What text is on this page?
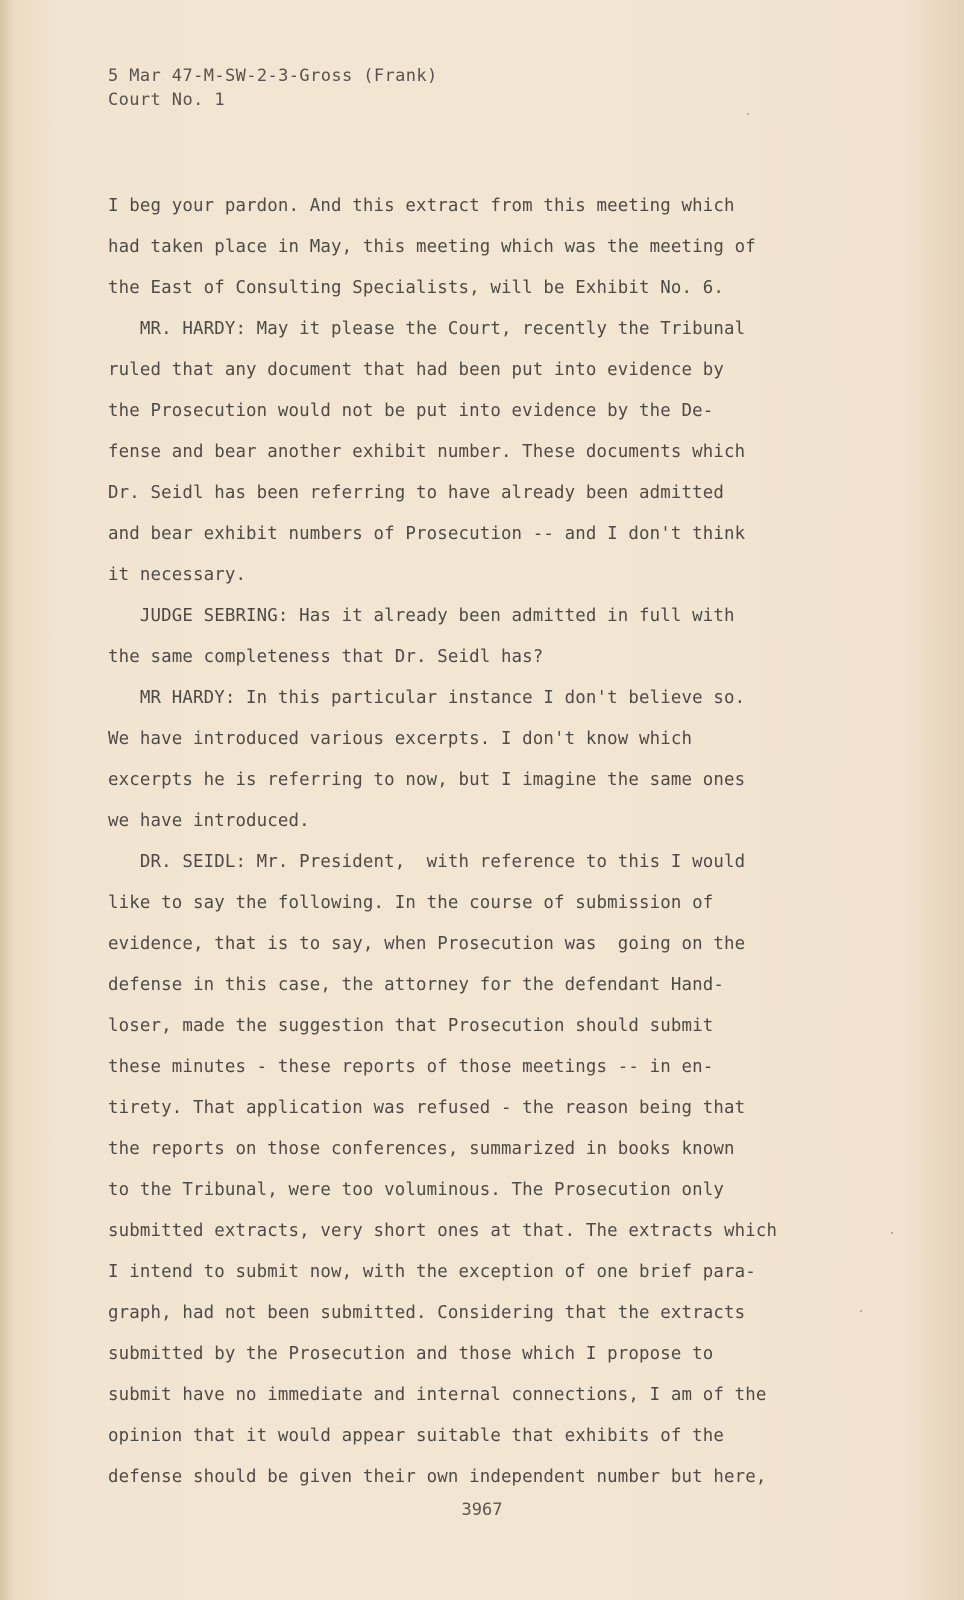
5 Mar 47-M-SW-2-3-Gross (Frank)
Court No. 1
I beg your pardon. And this extract from this meeting which
had taken place in May, this meeting which was the meeting of
the East of Consulting Specialists, will be Exhibit No. 6.
MR. HARDY: May it please the Court, recently the Tribunal
ruled that any document that had been put into evidence by
the Prosecution would not be put into evidence by the De-
fense and bear another exhibit number. These documents which
Dr. Seidl has been referring to have already been admitted
and bear exhibit numbers of Prosecution -- and I don't think
it necessary.
JUDGE SEBRING: Has it already been admitted in full with
the same completeness that Dr. Seidl has?
MR HARDY: In this particular instance I don't believe so.
We have introduced various excerpts. I don't know which
excerpts he is referring to now, but I imagine the same ones
we have introduced.
DR. SEIDL: Mr. President,  with reference to this I would
like to say the following. In the course of submission of
evidence, that is to say, when Prosecution was  going on the
defense in this case, the attorney for the defendant Hand-
loser, made the suggestion that Prosecution should submit
these minutes - these reports of those meetings -- in en-
tirety. That application was refused - the reason being that
the reports on those conferences, summarized in books known
to the Tribunal, were too voluminous. The Prosecution only
submitted extracts, very short ones at that. The extracts which
I intend to submit now, with the exception of one brief para-
graph, had not been submitted. Considering that the extracts
submitted by the Prosecution and those which I propose to
submit have no immediate and internal connections, I am of the
opinion that it would appear suitable that exhibits of the
defense should be given their own independent number but here,
3967
